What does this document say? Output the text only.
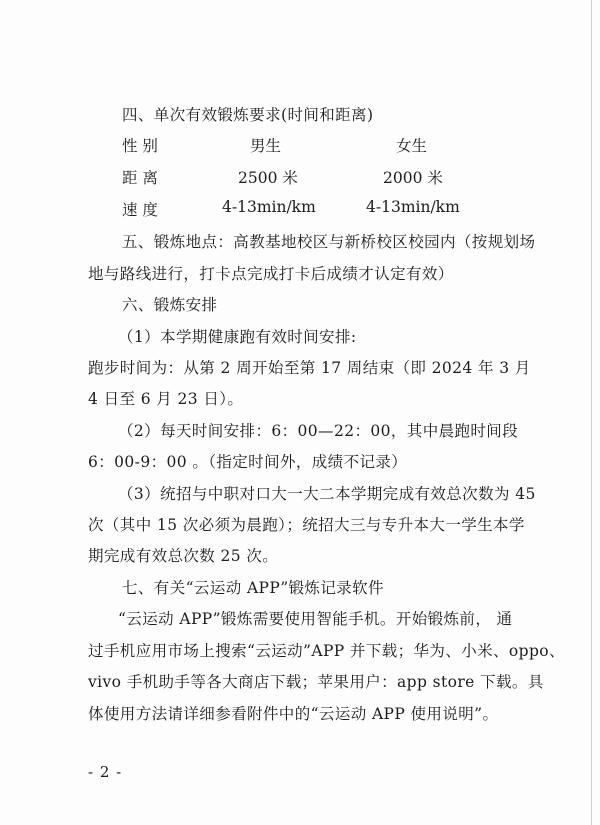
四、单次有效锻炼要求(时间和距离)
性 别	男生	女生
距 离	2500 米	2000 米
速 度	4-13min/km	4-13min/km
五、锻炼地点：高教基地校区与新桥校区校园内（按规划场
地与路线进行，打卡点完成打卡后成绩才认定有效）
六、锻炼安排
（1）本学期健康跑有效时间安排:
跑步时间为：从第 2 周开始至第 17 周结束（即 2024 年 3 月
4 日至 6 月 23 日）。
（2）每天时间安排：6：00—22：00，其中晨跑时间段
6：00-9：00 。（指定时间外，成绩不记录）
（3）统招与中职对口大一大二本学期完成有效总次数为 45
次（其中 15 次必须为晨跑）；统招大三与专升本大一学生本学
期完成有效总次数 25 次。
七、有关“云运动 APP”锻炼记录软件
“云运动 APP”锻炼需要使用智能手机。开始锻炼前， 通
过手机应用市场上搜索“云运动”APP 并下载；华为、小米、oppo、
vivo 手机助手等各大商店下载；苹果用户：app store 下载。具
体使用方法请详细参看附件中的“云运动 APP 使用说明”。
- 2 -
